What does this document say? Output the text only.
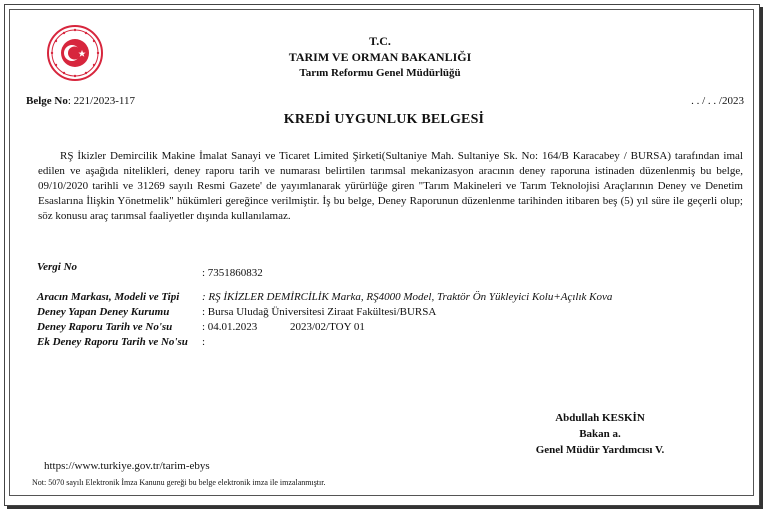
T.C.
TARIM VE ORMAN BAKANLIĞI
Tarım Reformu Genel Müdürlüğü
Belge No: 221/2023-117	. . / . . /2023
KREDİ UYGUNLUK BELGESİ
RŞ İkizler Demircilik Makine İmalat Sanayi ve Ticaret Limited Şirketi(Sultaniye Mah. Sultaniye Sk. No: 164/B Karacabey / BURSA) tarafından imal edilen ve aşağıda nitelikleri, deney raporu tarih ve numarası belirtilen tarımsal mekanizasyon aracının deney raporuna istinaden düzenlenmiş bu belge, 09/10/2020 tarihli ve 31269 sayılı Resmi Gazete' de yayımlanarak yürürlüğe giren "Tarım Makineleri ve Tarım Teknolojisi Araçlarının Deney ve Denetim Esaslarına İlişkin Yönetmelik" hükümleri gereğince verilmiştir. İş bu belge, Deney Raporunun düzenlenme tarihinden itibaren beş (5) yıl süre ile geçerli olup; söz konusu araç tarımsal faaliyetler dışında kullanılamaz.
Vergi No	: 7351860832
Aracın Markası, Modeli ve Tipi : RŞ İKİZLER DEMİRCİLİK Marka, RŞ4000 Model, Traktör Ön Yükleyici Kolu+Açılık Kova
Deney Yapan Deney Kurumu	: Bursa Uludağ Üniversitesi Ziraat Fakültesi/BURSA
Deney Raporu Tarih ve No'su	: 04.01.2023	2023/02/TOY 01
Ek Deney Raporu Tarih ve No'su :
Abdullah KESKİN
Bakan a.
Genel Müdür Yardımcısı V.
https://www.turkiye.gov.tr/tarim-ebys
Not: 5070 sayılı Elektronik İmza Kanunu gereği bu belge elektronik imza ile imzalanmıştır.
